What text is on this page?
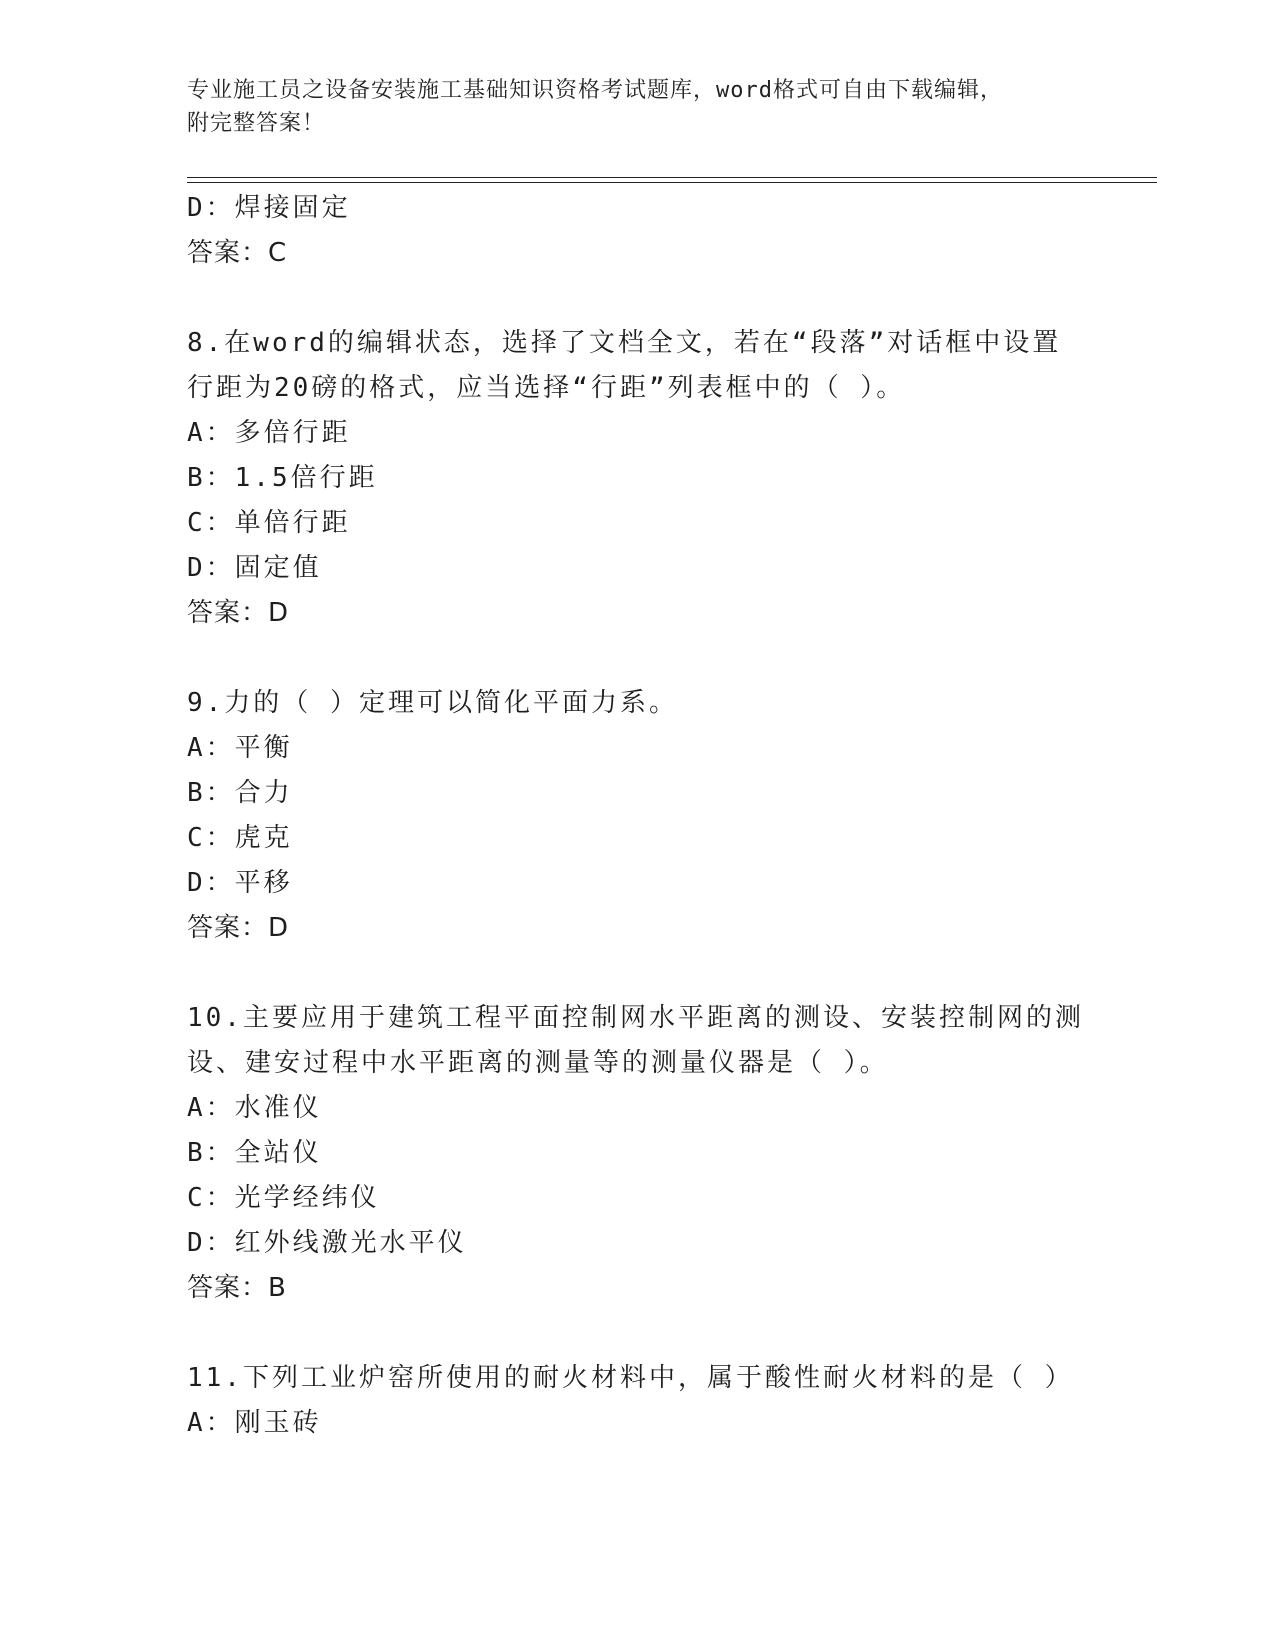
专业施工员之设备安装施工基础知识资格考试题库，word格式可自由下载编辑，
附完整答案！
D：焊接固定
答案：C
8.在word的编辑状态，选择了文档全文，若在“段落”对话框中设置
行距为20磅的格式，应当选择“行距”列表框中的（ ）。
A：多倍行距
B：1.5倍行距
C：单倍行距
D：固定值
答案：D
9.力的（ ）定理可以简化平面力系。
A：平衡
B：合力
C：虎克
D：平移
答案：D
10.主要应用于建筑工程平面控制网水平距离的测设、安装控制网的测
设、建安过程中水平距离的测量等的测量仪器是（ ）。
A：水准仪
B：全站仪
C：光学经纬仪
D：红外线激光水平仪
答案：B
11.下列工业炉窑所使用的耐火材料中，属于酸性耐火材料的是（ ）
A：刚玉砖
